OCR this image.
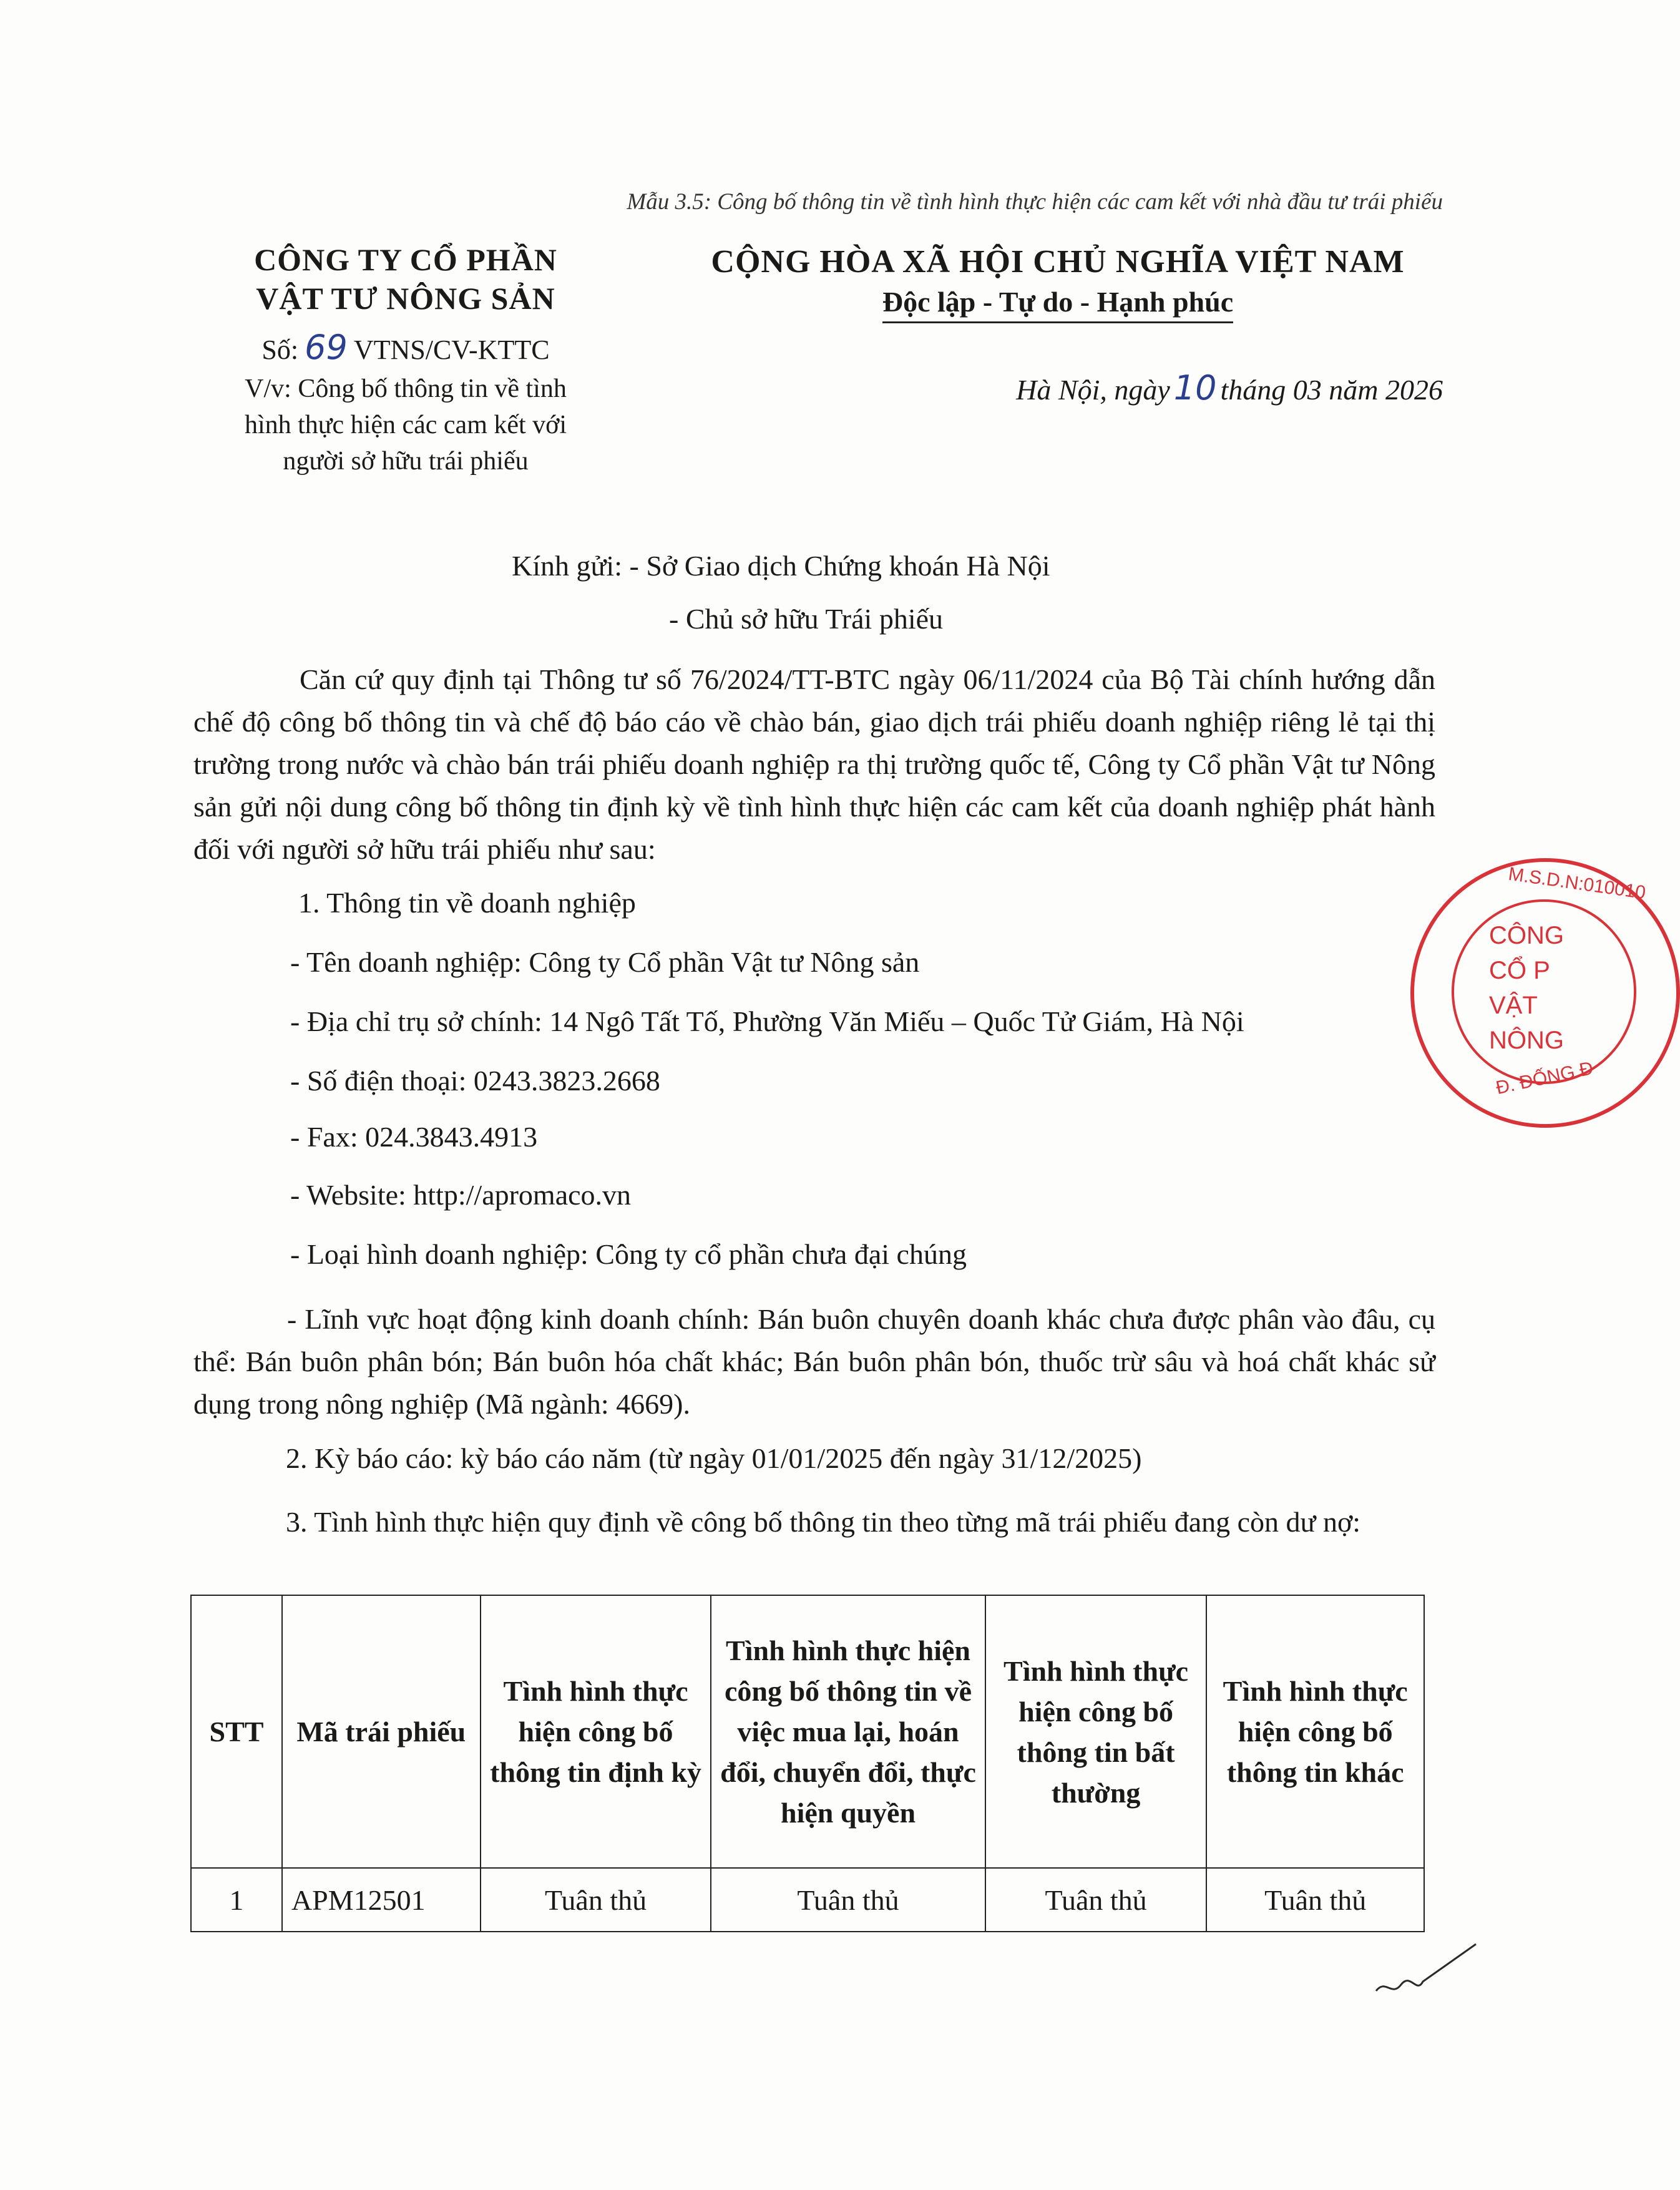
Mẫu 3.5: Công bố thông tin về tình hình thực hiện các cam kết với nhà đầu tư trái phiếu
CÔNG TY CỔ PHẦN
VẬT TƯ NÔNG SẢN
Số: 69 VTNS/CV-KTTC
V/v: Công bố thông tin về tình
hình thực hiện các cam kết với
người sở hữu trái phiếu
CỘNG HÒA XÃ HỘI CHỦ NGHĨA VIỆT NAM
Độc lập - Tự do - Hạnh phúc
Hà Nội, ngày 10 tháng 03 năm 2026
Kính gửi: - Sở Giao dịch Chứng khoán Hà Nội
- Chủ sở hữu Trái phiếu
Căn cứ quy định tại Thông tư số 76/2024/TT-BTC ngày 06/11/2024 của Bộ Tài chính hướng dẫn chế độ công bố thông tin và chế độ báo cáo về chào bán, giao dịch trái phiếu doanh nghiệp riêng lẻ tại thị trường trong nước và chào bán trái phiếu doanh nghiệp ra thị trường quốc tế, Công ty Cổ phần Vật tư Nông sản gửi nội dung công bố thông tin định kỳ về tình hình thực hiện các cam kết của doanh nghiệp phát hành đối với người sở hữu trái phiếu như sau:
1. Thông tin về doanh nghiệp
- Tên doanh nghiệp: Công ty Cổ phần Vật tư Nông sản
- Địa chỉ trụ sở chính: 14 Ngô Tất Tố, Phường Văn Miếu – Quốc Tử Giám, Hà Nội
- Số điện thoại: 0243.3823.2668
- Fax: 024.3843.4913
- Website: http://apromaco.vn
- Loại hình doanh nghiệp: Công ty cổ phần chưa đại chúng
- Lĩnh vực hoạt động kinh doanh chính: Bán buôn chuyên doanh khác chưa được phân vào đâu, cụ thể: Bán buôn phân bón; Bán buôn hóa chất khác; Bán buôn phân bón, thuốc trừ sâu và hoá chất khác sử dụng trong nông nghiệp (Mã ngành: 4669).
2. Kỳ báo cáo: kỳ báo cáo năm (từ ngày 01/01/2025 đến ngày 31/12/2025)
3. Tình hình thực hiện quy định về công bố thông tin theo từng mã trái phiếu đang còn dư nợ:
STT	Mã trái phiếu	Tình hình thực hiện công bố thông tin định kỳ	Tình hình thực hiện công bố thông tin về việc mua lại, hoán đổi, chuyển đổi, thực hiện quyền	Tình hình thực hiện công bố thông tin bất thường	Tình hình thực hiện công bố thông tin khác
1	APM12501	Tuân thủ	Tuân thủ	Tuân thủ	Tuân thủ
M.S.D.N:010010
CÔNG
CỔ P
VẬT
NÔNG
Đ. ĐỐNG Đ
